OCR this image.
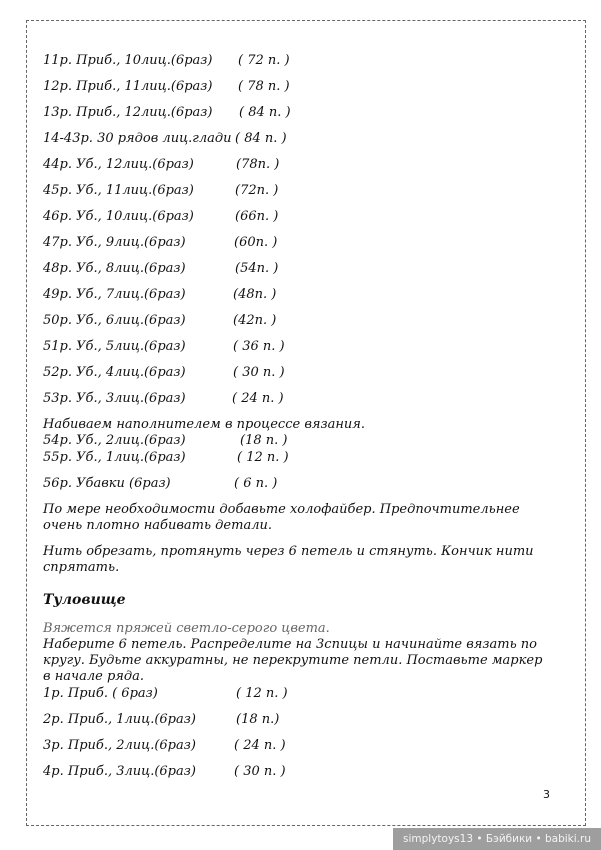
11р. Приб., 10лиц.(6раз) ( 72 п. )
12р. Приб., 11лиц.(6раз) ( 78 п. )
13р. Приб., 12лиц.(6раз) ( 84 п. )
14-43р. 30 рядов лиц.глади ( 84 п. )
44р. Уб., 12лиц.(6раз)	(78п. )
45р. Уб., 11лиц.(6раз)	(72п. )
46р. Уб., 10лиц.(6раз)	(66п. )
47р. Уб., 9лиц.(6раз)	(60п. )
48р. Уб., 8лиц.(6раз)	(54п. )
49р. Уб., 7лиц.(6раз)	(48п. )
50р. Уб., 6лиц.(6раз)	(42п. )
51р. Уб., 5лиц.(6раз)	( 36 п. )
52р. Уб., 4лиц.(6раз)	( 30 п. )
53р. Уб., 3лиц.(6раз)	( 24 п. )
Набиваем наполнителем в процессе вязания.
54р. Уб., 2лиц.(6раз)	(18 п. )
55р. Уб., 1лиц.(6раз)	( 12 п. )
56р. Убавки (6раз)	( 6 п. )
По мере необходимости добавьте холофайбер. Предпочтительнее очень плотно набивать детали.
Нить обрезать, протянуть через 6 петель и стянуть. Кончик нити спрятать.
Туловище
Вяжется пряжей светло-серого цвета.
Наберите 6 петель. Распределите на 3спицы и начинайте вязать по кругу. Будьте аккуратны, не перекрутите петли. Поставьте маркер в начале ряда.
1р. Приб. ( 6раз)	( 12 п. )
2р. Приб., 1лиц.(6раз)	(18 п.)
3р. Приб., 2лиц.(6раз)	( 24 п. )
4р. Приб., 3лиц.(6раз)	( 30 п. )
3
simplytoys13 • Бэйбики • babiki.ru
